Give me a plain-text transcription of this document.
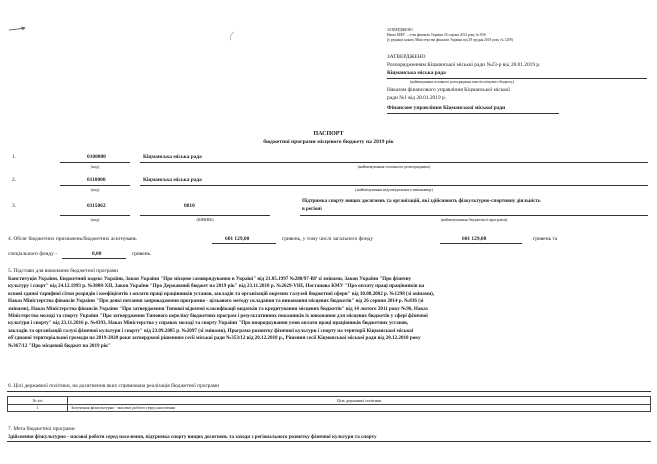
ЗАТВЕРДЖЕНО
Наказ МФУ ... ства фінансів України 26 серпня 2014 року № 836
(у редакції наказу Міністерства фінансів України від 29 грудня 2018 року № 1209)
ЗАТВЕРДЖЕНО
Розпорядженням Кіцманської міської ради №23-р від 28.01.2019 р.
Кіцманська міська рада
(найменування головного розпорядника коштів місцевого бюджету)
Наказом фінансового управління Кіцманської міської
ради №1 від 28.01.2019 р.
Фінансове управління Кіцманської міської ради
ПАСПОРТ
бюджетної програми місцевого бюджету на 2019 рік
1.	0100000	Кіцманська міська рада
(код)	(найменування головного розпорядника)
2.	0110000	Кіцманська міська рада
(код)	(найменування відповідального виконавця)
3.	0115062	0810
Підтримка спорту вищих досягнень та організацій, які здійснюють фізкультурно-спортивну діяльність
в регіоні
(код)	(КФКВК)	(найменування бюджетної програми)
4. Обсяг бюджетних призначень/бюджетних асигнувань	601 129,00	гривень, у тому числі загального фонду	601 129,00	гривень та
спеціального фонду -	0,00	гривень.
5. Підстави для виконання бюджетної програми
Конституція України, Бюджетний кодекс України, Закон України "Про місцеве самоврядування в Україні" від 21.05.1997 №280/97-ВР зі змінами, Закон України "Про фізичну
культуру і спорт" від 24.12.1993 р. №3808-XII, Закон України "Про Державний бюджет на 2019 рік" від 23.11.2018 р. №2629-VIII, Постанова КМУ "Про оплату праці працівників на
основі єдиної тарифної сітки розрядів і коефіцієнтів з оплати праці працівників установ, закладів та організацій окремих галузей бюджетної сфери" від 30.08.2002 р. №1298 (зі змінами),
Наказ Міністерства фінансів України "Про деякі питання запровадження програмно - цільового методу складання та виконання місцевих бюджетів" від 26 серпня 2014 р. №836 (зі
змінами), Наказ Міністерства фінансів України "Про затвердження Типової відомчої класифікації видатків та кредитування місцевих бюджетів" від 14 лютого 2011 року №96, Наказ
Міністерства молоді та спорту України "Про затвердження Типового переліку бюджетних програм і результативних показників їх виконання для місцевих бюджетів у сфері фізичної
культури і спорту" від 23.11.2016 р. №4393, Наказ Міністерства у справах молоді та спорту України "Про впорядкування умов оплати праці працівників бюджетних установ,
закладів та організацій галузі фізичної культури і спорту" від 23.09.2005 р. №2097 (зі змінами), Програма розвитку фізичної культури і спорту на території Кіцманської міської
об'єднаної територіальної громади на 2019-2020 роки затверджені рішенням сесії міської ради №353/12 від 20.12.2018 р., Рішення сесії Кіцманської міської ради від 20.12.2018 року
№367/12 "Про місцевий бюджет на 2019 рік"
6. Цілі державної політики, на досягнення яких спрямована реалізація бюджетної програми
№ з/п	Ціль державної політики
1	Залучення фізкультурно - масової роботи серед населення
7. Мета бюджетної програми
Здійснення фізкультурно - масової роботи серед населення, підтримка спорту вищих досягнень та заходи з регіонального розвитку фізичної культури та спорту
